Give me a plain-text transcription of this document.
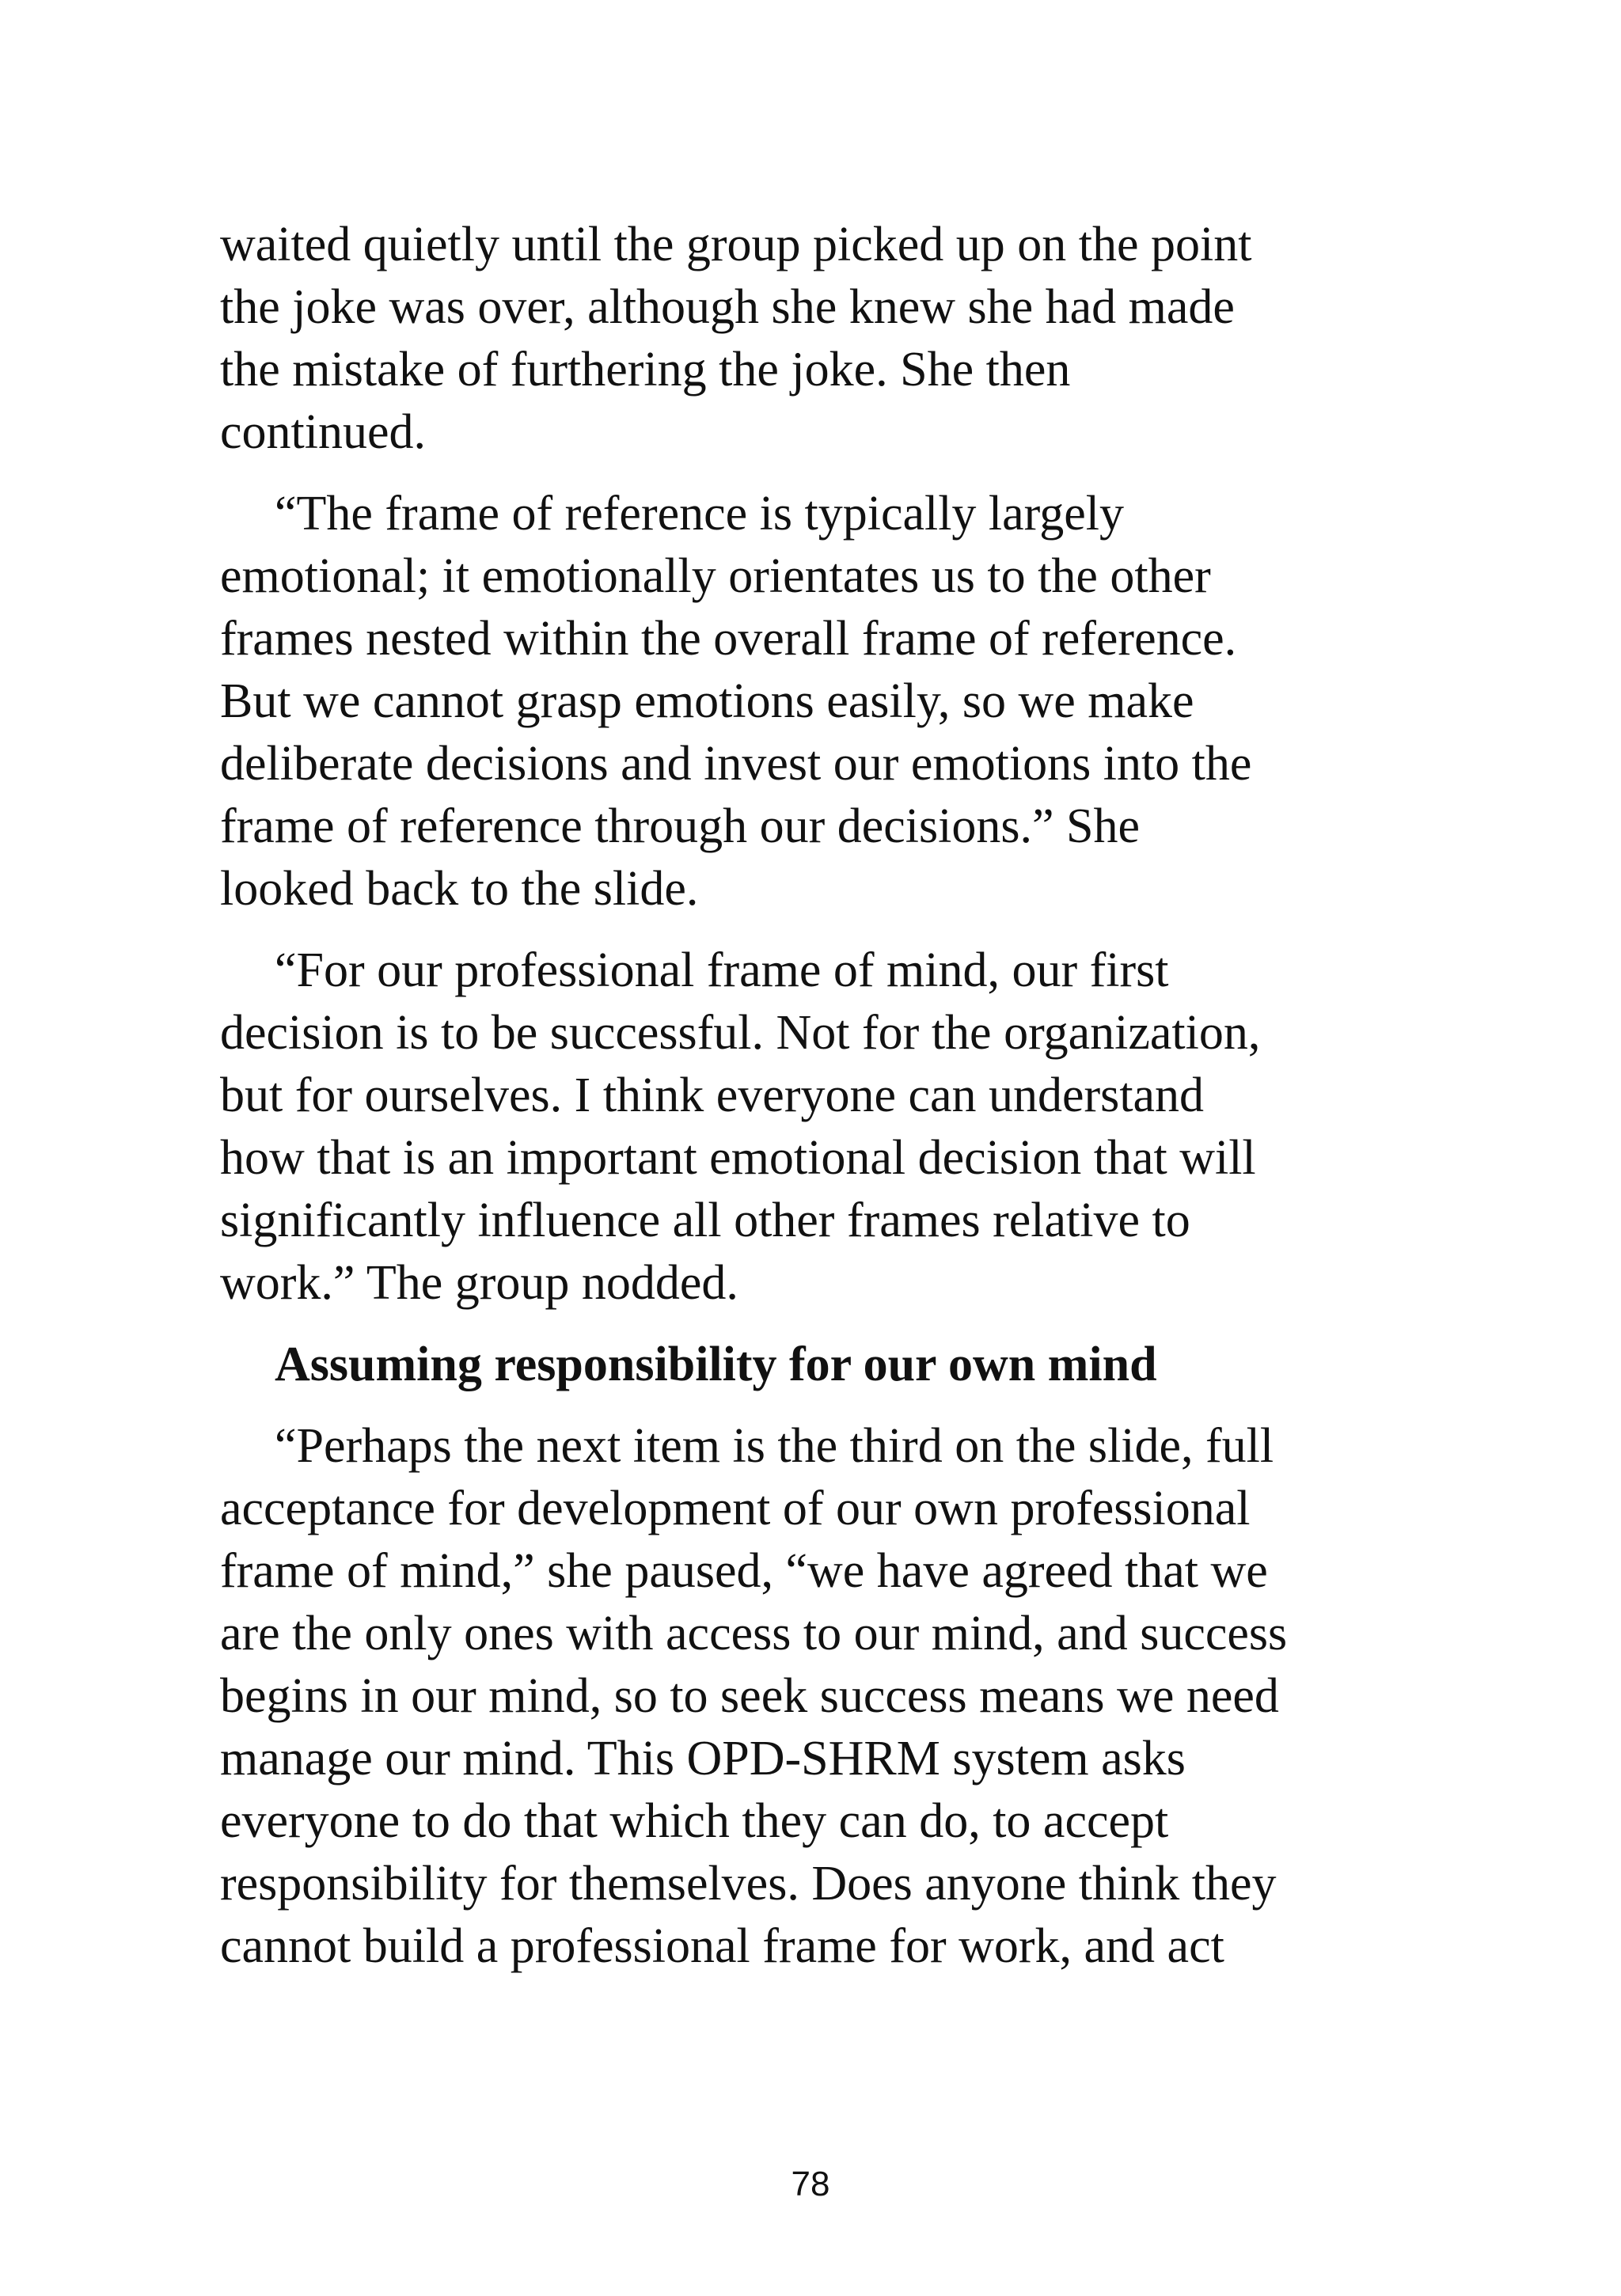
waited quietly until the group picked up on the point
the joke was over, although she knew she had made
the mistake of furthering the joke. She then
continued.
“The frame of reference is typically largely
emotional; it emotionally orientates us to the other
frames nested within the overall frame of reference.
But we cannot grasp emotions easily, so we make
deliberate decisions and invest our emotions into the
frame of reference through our decisions.” She
looked back to the slide.
“For our professional frame of mind, our first
decision is to be successful. Not for the organization,
but for ourselves. I think everyone can understand
how that is an important emotional decision that will
significantly influence all other frames relative to
work.” The group nodded.
Assuming responsibility for our own mind
“Perhaps the next item is the third on the slide, full
acceptance for development of our own professional
frame of mind,” she paused, “we have agreed that we
are the only ones with access to our mind, and success
begins in our mind, so to seek success means we need
manage our mind. This OPD-SHRM system asks
everyone to do that which they can do, to accept
responsibility for themselves. Does anyone think they
cannot build a professional frame for work, and act
78
